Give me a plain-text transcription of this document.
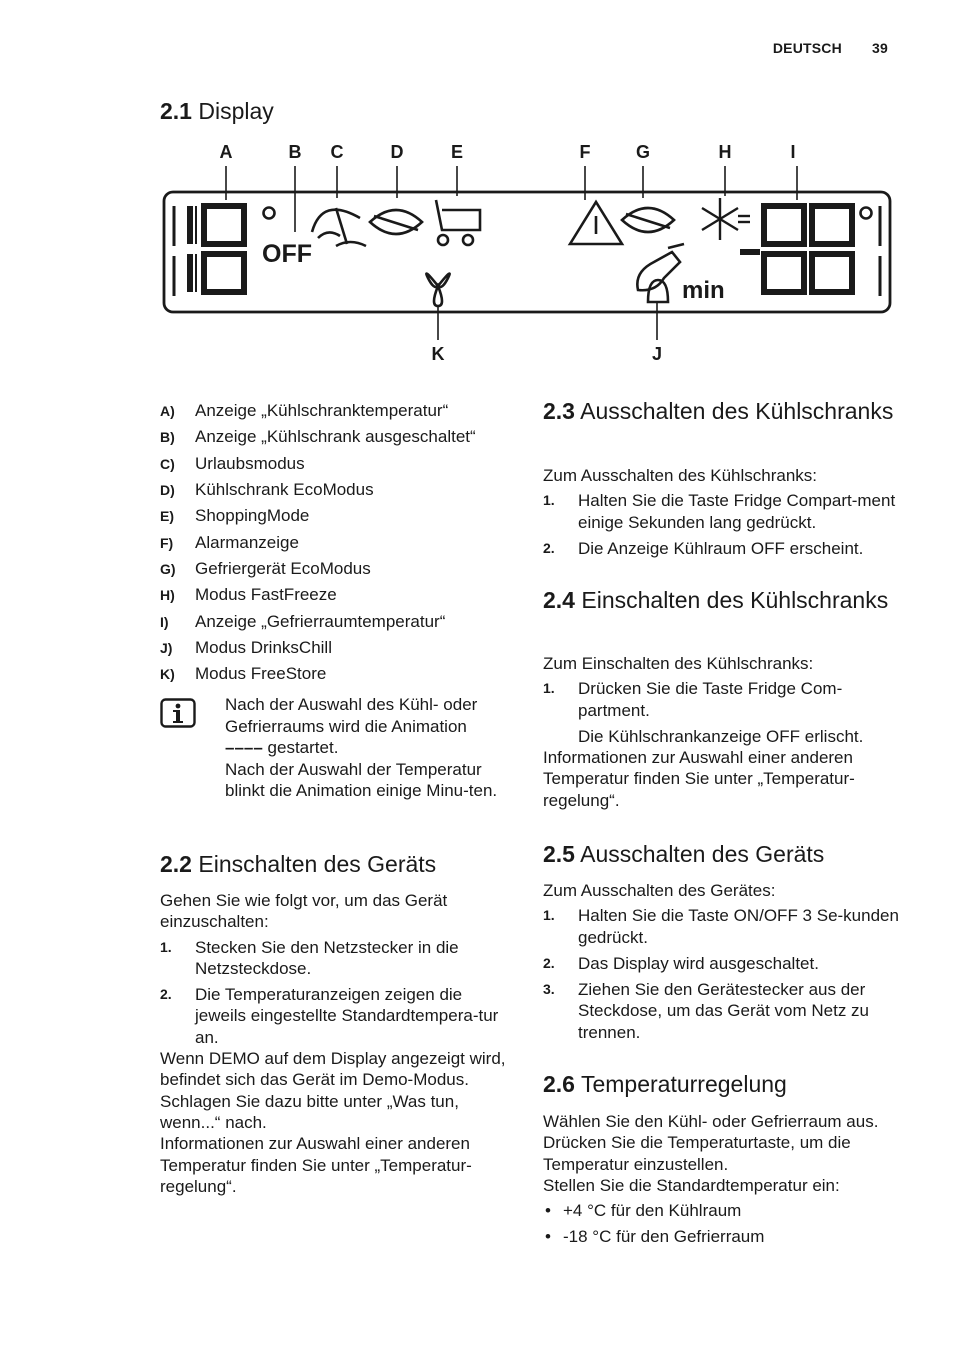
DEUTSCH 39
2.1 Display
A	B C	D	E	F	G	H	I
K	J
OFF
min
A)	Anzeige „Kühlschranktemperatur“
B)	Anzeige „Kühlschrank ausgeschaltet“
C)	Urlaubsmodus
D)	Kühlschrank EcoModus
E)	ShoppingMode
F)	Alarmanzeige
G)	Gefriergerät EcoModus
H)	Modus FastFreeze
I)	Anzeige „Gefrierraumtemperatur“
J)	Modus DrinksChill
K)	Modus FreeStore
Nach der Auswahl des Kühl- oder Gefrierraums wird die Animation
–––– gestartet.
Nach der Auswahl der Temperatur blinkt die Animation einige Minu-ten.
2.2 Einschalten des Geräts

Gehen Sie wie folgt vor, um das Gerät einzuschalten:

1. Stecken Sie den Netzstecker in die Netzsteckdose.
2. Die Temperaturanzeigen zeigen die jeweils eingestellte Standardtempera-tur an.

Wenn DEMO auf dem Display angezeigt wird, befindet sich das Gerät im Demo-Modus. Schlagen Sie dazu bitte unter „Was tun, wenn...“ nach.

Informationen zur Auswahl einer anderen Temperatur finden Sie unter „Temperatur-regelung“.

2.3 Ausschalten des Kühlschranks

Zum Ausschalten des Kühlschranks:

1. Halten Sie die Taste Fridge Compart-ment einige Sekunden lang gedrückt.
2. Die Anzeige Kühlraum OFF erscheint.
2.4 Einschalten des Kühlschranks

Zum Einschalten des Kühlschranks:

1. Drücken Sie die Taste Fridge Com-partment.

Die Kühlschrankanzeige OFF erlischt.

Informationen zur Auswahl einer anderen Temperatur finden Sie unter „Temperatur-regelung“.

2.5 Ausschalten des Geräts

Zum Ausschalten des Gerätes:

1. Halten Sie die Taste ON/OFF 3 Se-kunden gedrückt.
2. Das Display wird ausgeschaltet.
3. Ziehen Sie den Gerätestecker aus der Steckdose, um das Gerät vom Netz zu trennen.
2.6 Temperaturregelung

Wählen Sie den Kühl- oder Gefrierraum aus.

Drücken Sie die Temperaturtaste, um die Temperatur einzustellen.

Stellen Sie die Standardtemperatur ein:

• +4 °C für den Kühlraum
• -18 °C für den Gefrierraum
